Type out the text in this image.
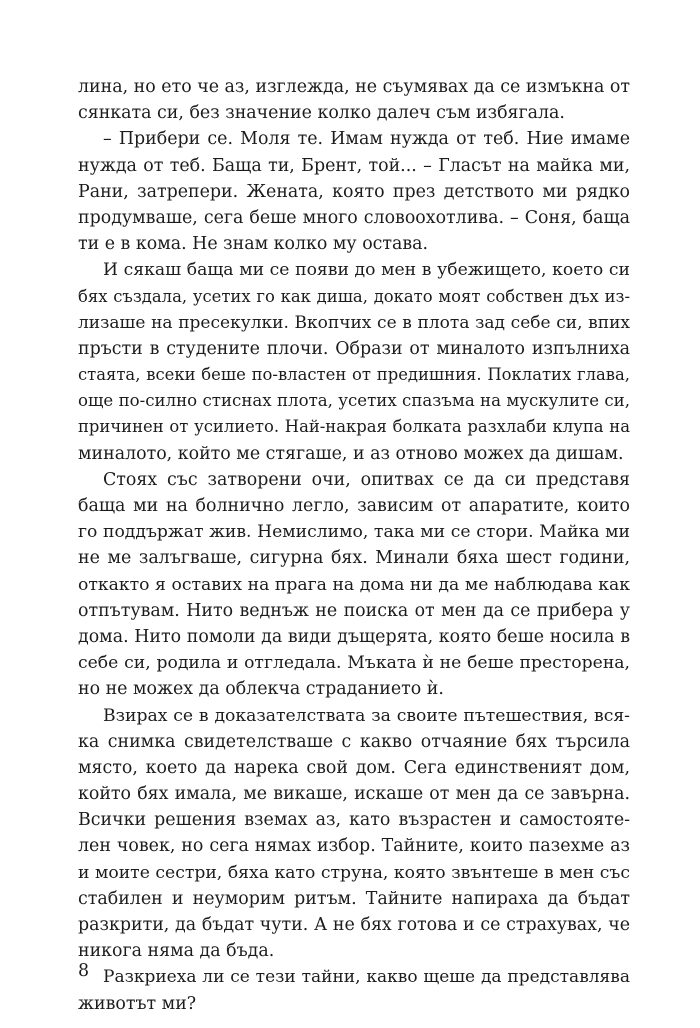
лина, но ето че аз, изглежда, не съумявах да се измъкна от
сянката си, без значение колко далеч съм избягала.
– Прибери се. Моля те. Имам нужда от теб. Ние имаме
нужда от теб. Баща ти, Брент, той... – Гласът на майка ми,
Рани, затрепери. Жената, която през детството ми рядко
продумваше, сега беше много словоохотлива. – Соня, баща
ти е в кома. Не знам колко му остава.
И сякаш баща ми се появи до мен в убежището, което си
бях създала, усетих го как диша, докато моят собствен дъх из-
лизаше на пресекулки. Вкопчих се в плота зад себе си, впих
пръсти в студените плочи. Образи от миналото изпълниха
стаята, всеки беше по-властен от предишния. Поклатих глава,
още по-силно стиснах плота, усетих спазъма на мускулите си,
причинен от усилието. Най-накрая болката разхлаби клупа на
миналото, който ме стягаше, и аз отново можех да дишам.
Стоях със затворени очи, опитвах се да си представя
баща ми на болнично легло, зависим от апаратите, които
го поддържат жив. Немислимо, така ми се стори. Майка ми
не ме залъгваше, сигурна бях. Минали бяха шест години,
откакто я оставих на прага на дома ни да ме наблюдава как
отпътувам. Нито веднъж не поиска от мен да се прибера у
дома. Нито помоли да види дъщерята, която беше носила в
себе си, родила и отгледала. Мъката ѝ не беше престорена,
но не можех да облекча страданието ѝ.
Взирах се в доказателствата за своите пътешествия, вся-
ка снимка свидетелстваше с какво отчаяние бях търсила
място, което да нарека свой дом. Сега единственият дом,
който бях имала, ме викаше, искаше от мен да се завърна.
Всички решения вземах аз, като възрастен и самостояте-
лен човек, но сега нямах избор. Тайните, които пазехме аз
и моите сестри, бяха като струна, която звънтеше в мен със
стабилен и неуморим ритъм. Тайните напираха да бъдат
разкрити, да бъдат чути. А не бях готова и се страхувах, че
никога няма да бъда.
Разкриеха ли се тези тайни, какво щеше да представлява
животът ми?
8
